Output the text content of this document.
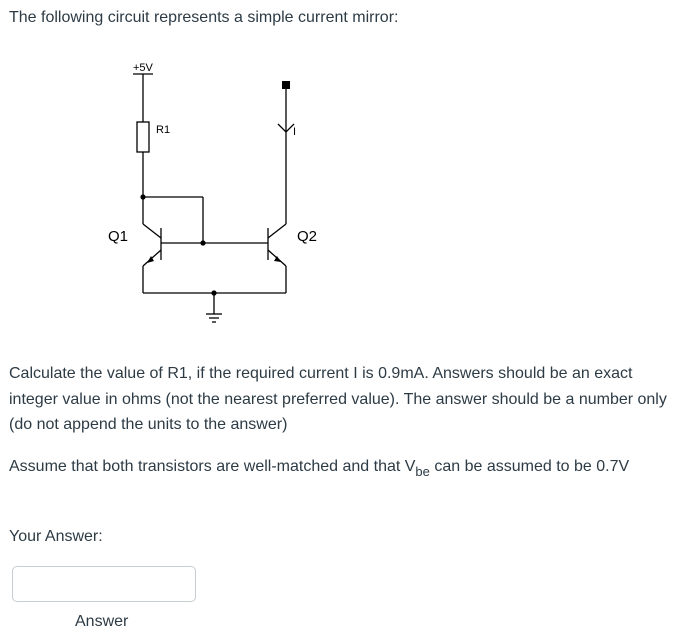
The following circuit represents a simple current mirror:
+5V
R1
Q1	Q2
I

Calculate the value of R1, if the required current I is 0.9mA. Answers should be an exact integer value in ohms (not the nearest preferred value). The answer should be a number only (do not append the units to the answer)

Assume that both transistors are well-matched and that $V_{be}$ can be assumed to be 0.7V

Your Answer:
Answer
